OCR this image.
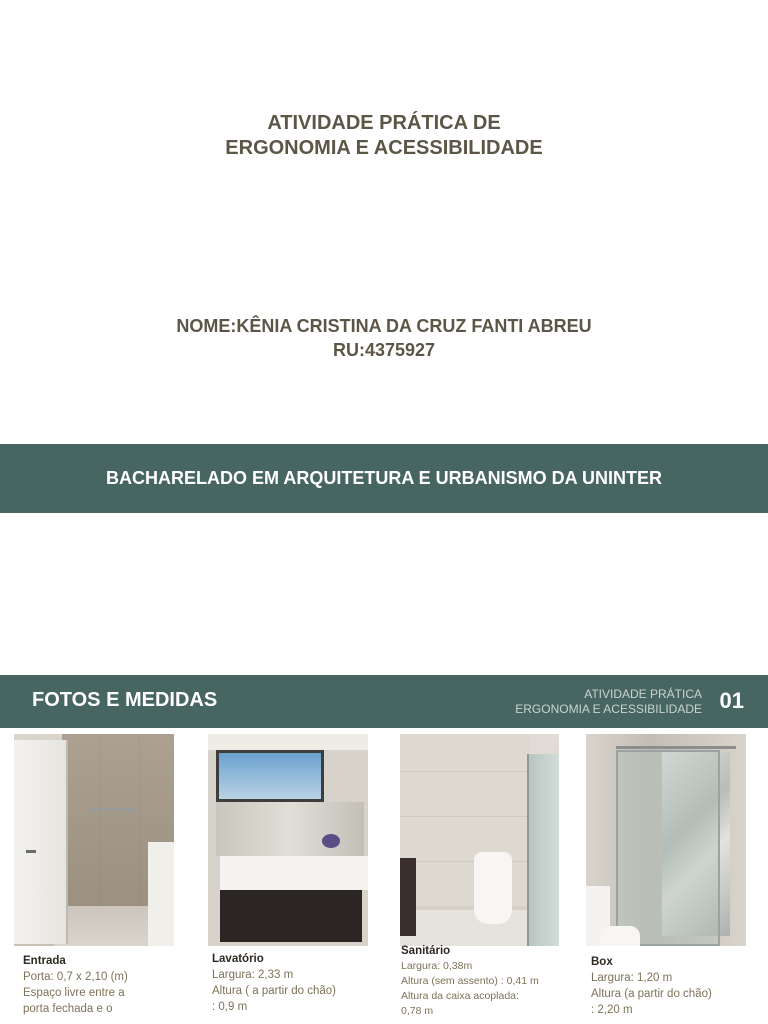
ATIVIDADE PRÁTICA DE
ERGONOMIA E ACESSIBILIDADE
NOME:KÊNIA CRISTINA DA CRUZ FANTI ABREU
RU:4375927
BACHARELADO EM ARQUITETURA E URBANISMO DA UNINTER
FOTOS E MEDIDAS	ATIVIDADE PRÁTICA
ERGONOMIA E ACESSIBILIDADE 01
Entrada
Porta: 0,7 x 2,10 (m)
Espaço livre entre a
porta fechada e o
Lavatório
Largura: 2,33 m
Altura ( a partir do chão)
: 0,9 m
Sanitário
Largura: 0,38m
Altura (sem assento) : 0,41 m
Altura da caixa acoplada:
0,78 m
Box
Largura: 1,20 m
Altura (a partir do chão)
: 2,20 m
